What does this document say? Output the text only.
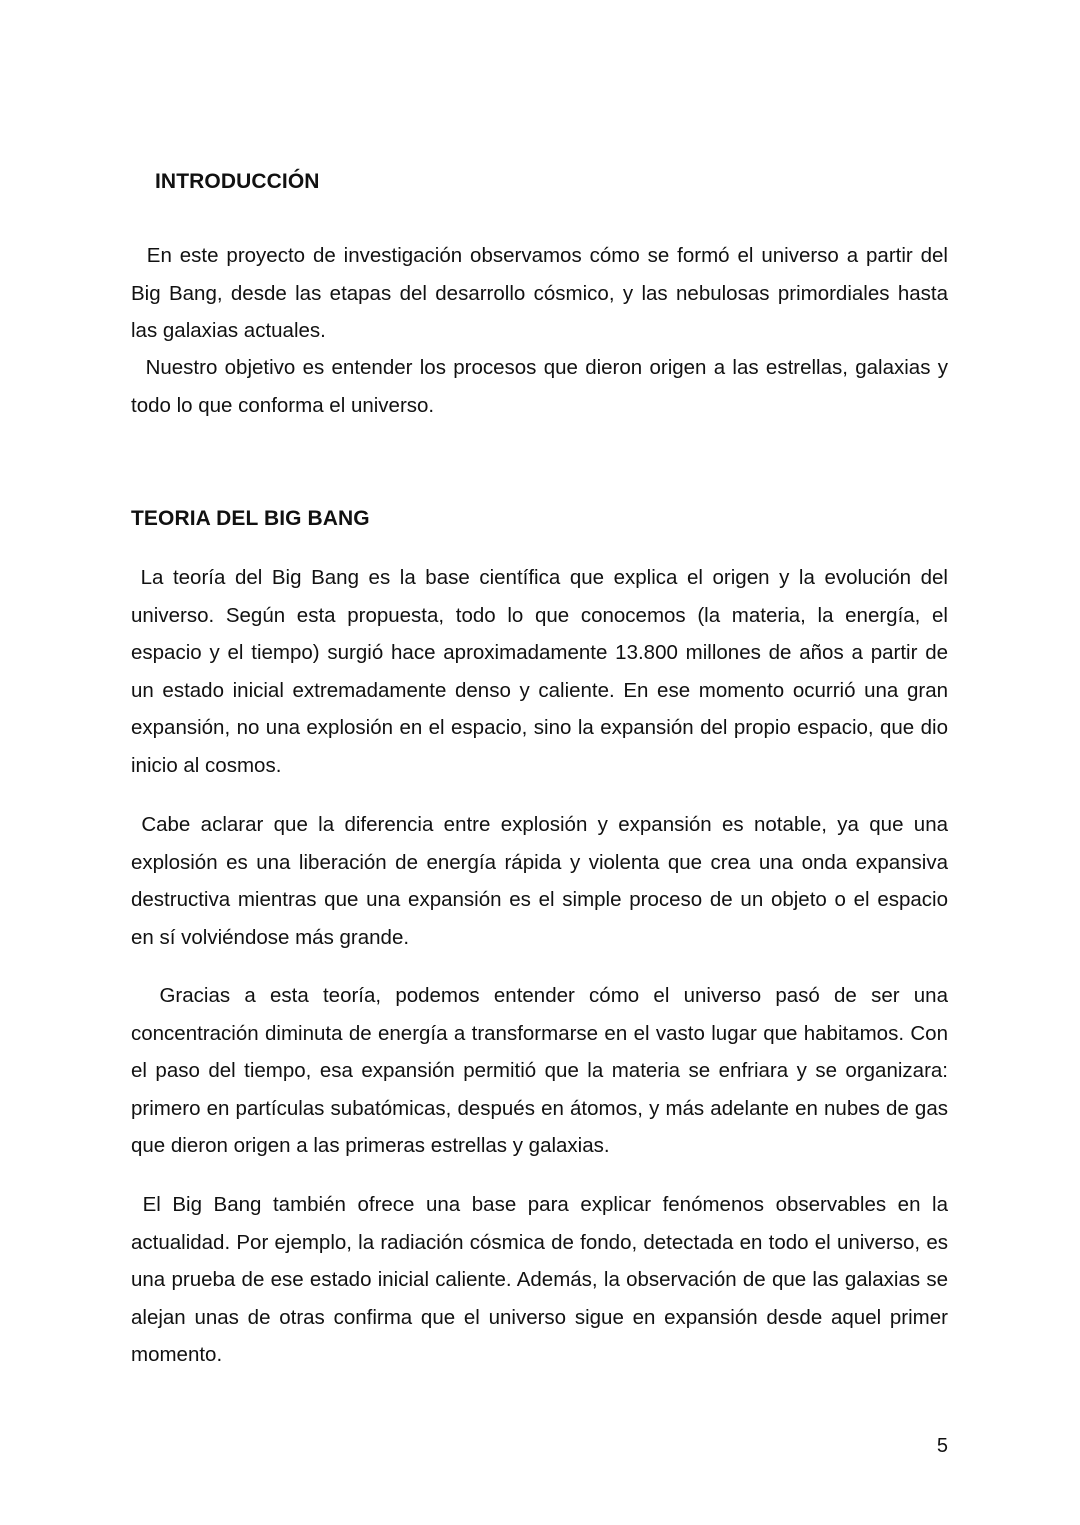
INTRODUCCIÓN

En este proyecto de investigación observamos cómo se formó el universo a partir del Big Bang, desde las etapas del desarrollo cósmico, y las nebulosas primordiales hasta las galaxias actuales.

Nuestro objetivo es entender los procesos que dieron origen a las estrellas, galaxias y todo lo que conforma el universo.

TEORIA DEL BIG BANG

La teoría del Big Bang es la base científica que explica el origen y la evolución del universo. Según esta propuesta, todo lo que conocemos (la materia, la energía, el espacio y el tiempo) surgió hace aproximadamente 13.800 millones de años a partir de un estado inicial extremadamente denso y caliente. En ese momento ocurrió una gran expansión, no una explosión en el espacio, sino la expansión del propio espacio, que dio inicio al cosmos.

Cabe aclarar que la diferencia entre explosión y expansión es notable, ya que una explosión es una liberación de energía rápida y violenta que crea una onda expansiva destructiva mientras que una expansión es el simple proceso de un objeto o el espacio en sí volviéndose más grande.

Gracias a esta teoría, podemos entender cómo el universo pasó de ser una concentración diminuta de energía a transformarse en el vasto lugar que habitamos. Con el paso del tiempo, esa expansión permitió que la materia se enfriara y se organizara: primero en partículas subatómicas, después en átomos, y más adelante en nubes de gas que dieron origen a las primeras estrellas y galaxias.

El Big Bang también ofrece una base para explicar fenómenos observables en la actualidad. Por ejemplo, la radiación cósmica de fondo, detectada en todo el universo, es una prueba de ese estado inicial caliente. Además, la observación de que las galaxias se alejan unas de otras confirma que el universo sigue en expansión desde aquel primer momento.

5
